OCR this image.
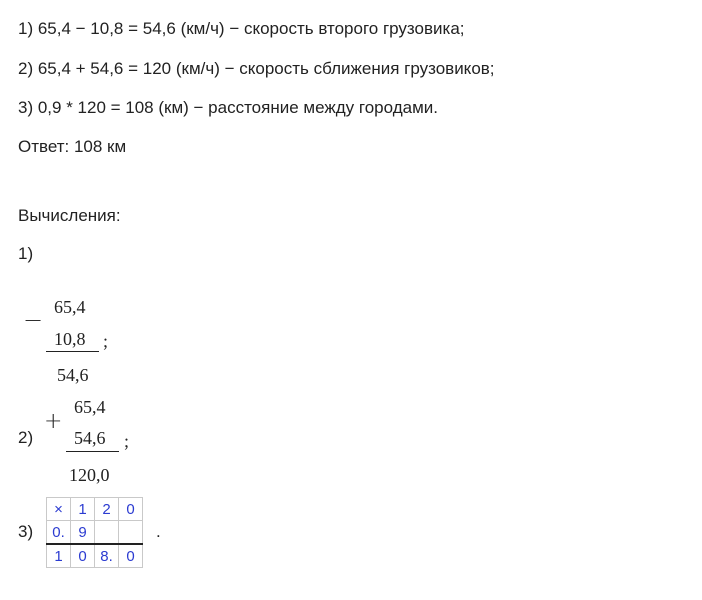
1) 65,4 − 10,8 = 54,6 (км/ч) − скорость второго грузовика;
2) 65,4 + 54,6 = 120 (км/ч) − скорость сближения грузовиков;
3) 0,9 * 120 = 108 (км) − расстояние между городами.
Ответ: 108 км
Вычисления:
1)
− 65,4
10,8 ;
54,6
+
65,4
54,6 ;
120,0
2)
3)
×	1	2	0
0.	9		
1	0	8.	0
.
